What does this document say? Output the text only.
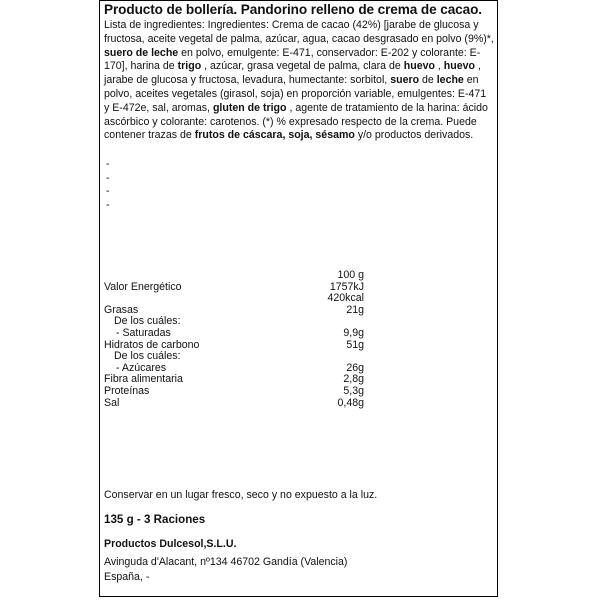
Producto de bollería. Pandorino relleno de crema de cacao.
Lista de ingredientes: Ingredientes: Crema de cacao (42%) [jarabe de glucosa y fructosa, aceite vegetal de palma, azúcar, agua, cacao desgrasado en polvo (9%)*, suero de leche en polvo, emulgente: E-471, conservador: E-202 y colorante: E-170], harina de trigo , azúcar, grasa vegetal de palma, clara de huevo , huevo , jarabe de glucosa y fructosa, levadura, humectante: sorbitol, suero de leche en polvo, aceites vegetales (girasol, soja) en proporción variable, emulgentes: E-471 y E-472e, sal, aromas, gluten de trigo , agente de tratamiento de la harina: ácido ascórbico y colorante: carotenos. (*) % expresado respecto de la crema. Puede contener trazas de frutos de cáscara, soja, sésamo y/o productos derivados.
-
-
-
-
	100 g
Valor Energético	1757kJ
	420kcal
Grasas	21g
De los cuáles:	
- Saturadas	9,9g
Hidratos de carbono	51g
De los cuáles:	
- Azúcares	26g
Fibra alimentaria	2,8g
Proteínas	5,3g
Sal	0,48g
Conservar en un lugar fresco, seco y no expuesto a la luz.
135 g - 3 Raciones
Productos Dulcesol,S.L.U.
Avinguda d'Alacant, nº134 46702 Gandía (Valencia)
España, -
